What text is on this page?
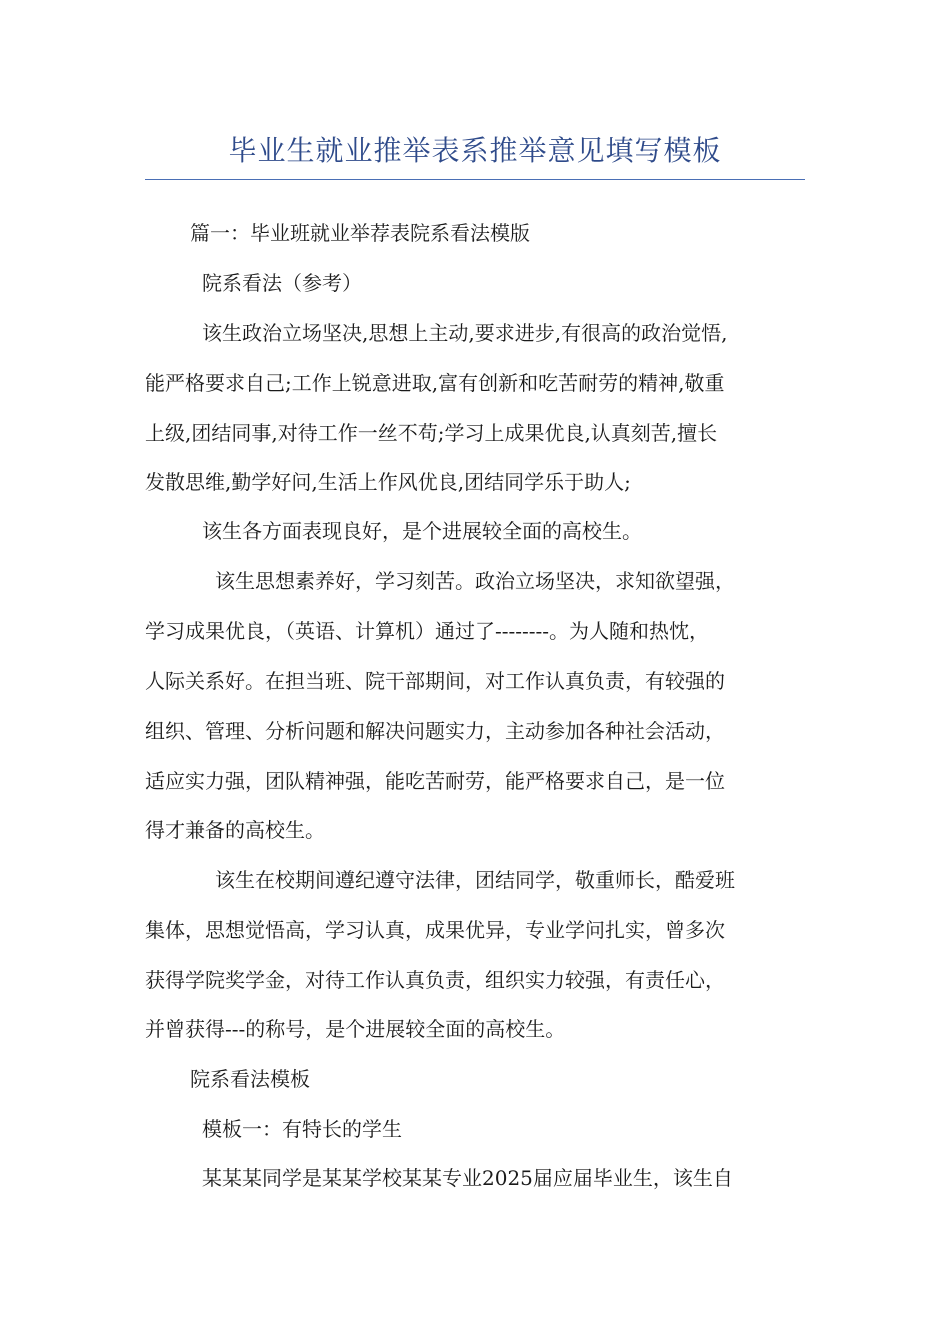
毕业生就业推举表系推举意见填写模板
篇一：毕业班就业举荐表院系看法模版
院系看法（参考）
该生政治立场坚决,思想上主动,要求进步,有很高的政治觉悟,
能严格要求自己;工作上锐意进取,富有创新和吃苦耐劳的精神,敬重
上级,团结同事,对待工作一丝不苟;学习上成果优良,认真刻苦,擅长
发散思维,勤学好问,生活上作风优良,团结同学乐于助人;
该生各方面表现良好，是个进展较全面的高校生。
该生思想素养好，学习刻苦。政治立场坚决，求知欲望强，
学习成果优良，（英语、计算机）通过了--------。为人随和热忱，
人际关系好。在担当班、院干部期间，对工作认真负责，有较强的
组织、管理、分析问题和解决问题实力，主动参加各种社会活动，
适应实力强，团队精神强，能吃苦耐劳，能严格要求自己，是一位
得才兼备的高校生。
该生在校期间遵纪遵守法律，团结同学，敬重师长，酷爱班
集体，思想觉悟高，学习认真，成果优异，专业学问扎实，曾多次
获得学院奖学金，对待工作认真负责，组织实力较强，有责任心，
并曾获得---的称号，是个进展较全面的高校生。
院系看法模板
模板一：有特长的学生
某某某同学是某某学校某某专业2025届应届毕业生，该生自
